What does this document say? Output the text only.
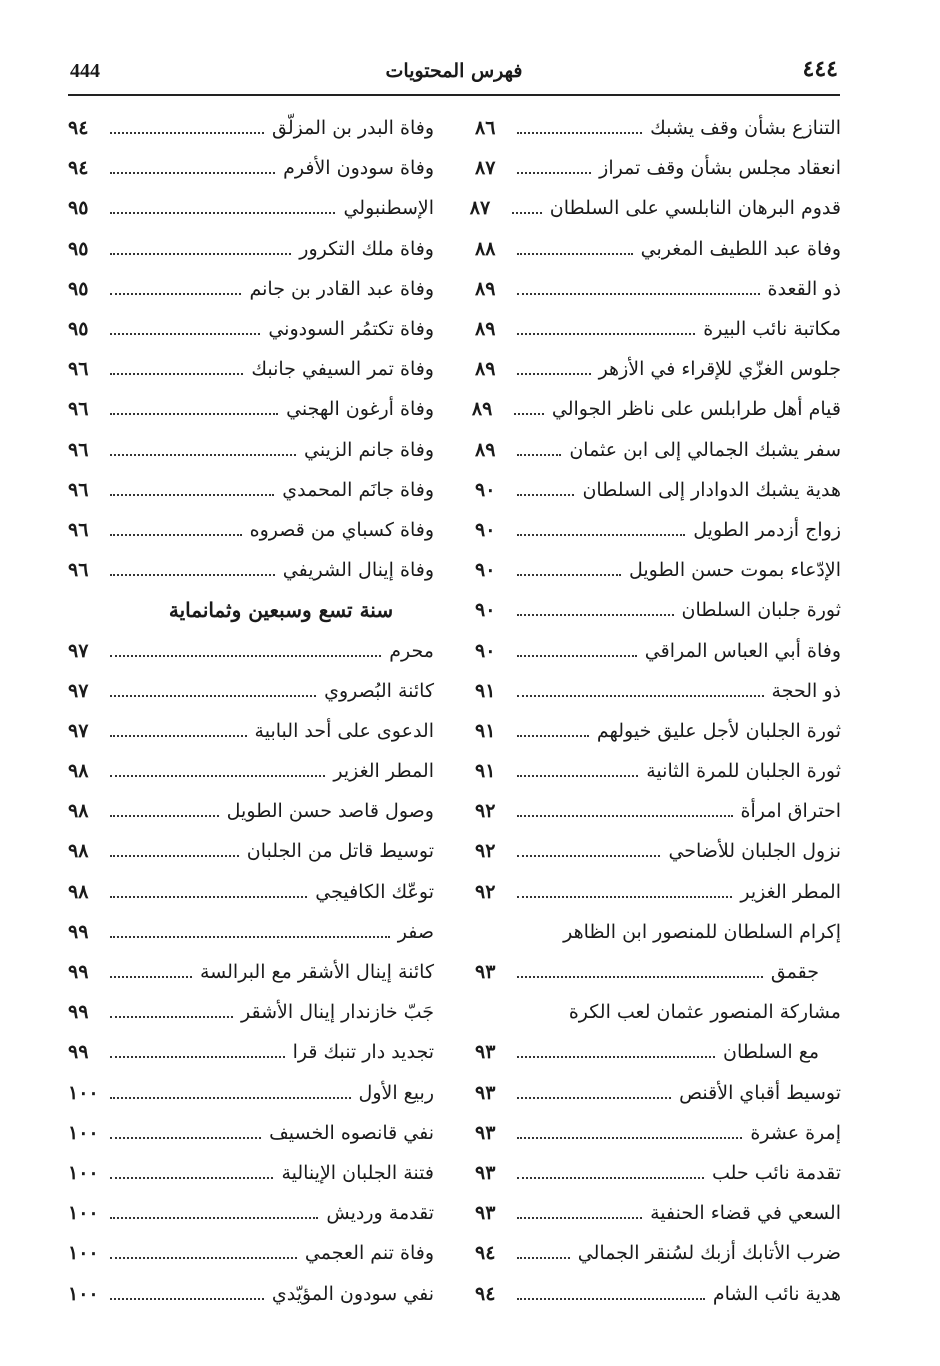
444	فهرس المحتويات	٤٤٤
التنازع بشأن وقف يشبك
٨٦
انعقاد مجلس بشأن وقف تمراز
٨٧
قدوم البرهان النابلسي على السلطان
٨٧
وفاة عبد اللطيف المغربي
٨٨
ذو القعدة
٨٩
مكاتبة نائب البيرة
٨٩
جلوس الغزّي للإقراء في الأزهر
٨٩
قيام أهل طرابلس على ناظر الجوالي
٨٩
سفر يشبك الجمالي إلى ابن عثمان
٨٩
هدية يشبك الدوادار إلى السلطان
٩٠
زواج أزدمر الطويل
٩٠
الإدّعاء بموت حسن الطويل
٩٠
ثورة جلبان السلطان
٩٠
وفاة أبي العباس المراقي
٩٠
ذو الحجة
٩١
ثورة الجلبان لأجل عليق خيولهم
٩١
ثورة الجلبان للمرة الثانية
٩١
احتراق امرأة
٩٢
نزول الجلبان للأضاحي
٩٢
المطر الغزير
٩٢
إكرام السلطان للمنصور ابن الظاهر
جقمق
٩٣
مشاركة المنصور عثمان لعب الكرة
مع السلطان
٩٣
توسيط أقباي الأقنص
٩٣
إمرة عشرة
٩٣
تقدمة نائب حلب
٩٣
السعي في قضاء الحنفية
٩٣
ضرب الأتابك أزبك لسُنقر الجمالي
٩٤
هدية نائب الشام
٩٤
وفاة البدر بن المزلّق
٩٤
وفاة سودون الأفرم
٩٤
الإسطنبولي
٩٥
وفاة ملك التكرور
٩٥
وفاة عبد القادر بن جانم
٩٥
وفاة تكتمُر السودوني
٩٥
وفاة تمر السيفي جانبك
٩٦
وفاة أرغون الهجني
٩٦
وفاة جانم الزيني
٩٦
وفاة جانَم المحمدي
٩٦
وفاة كسباي من قصروه
٩٦
وفاة إينال الشريفي
٩٦
سنة تسع وسبعين وثمانماية
محرم
٩٧
كائنة البُصروي
٩٧
الدعوى على أحد البابية
٩٧
المطر الغزير
٩٨
وصول قاصد حسن الطويل
٩٨
توسيط قاتل من الجلبان
٩٨
توعّك الكافيجي
٩٨
صفر
٩٩
كائنة إينال الأشقر مع البرالسة
٩٩
جَبّ خازندار إينال الأشقر
٩٩
تجديد دار تنبك قرا
٩٩
ربيع الأول
١٠٠
نفي قانصوه الخسيف
١٠٠
فتنة الجلبان الإينالية
١٠٠
تقدمة ورديش
١٠٠
وفاة تنم العجمي
١٠٠
نفي سودون المؤيّدي
١٠٠
